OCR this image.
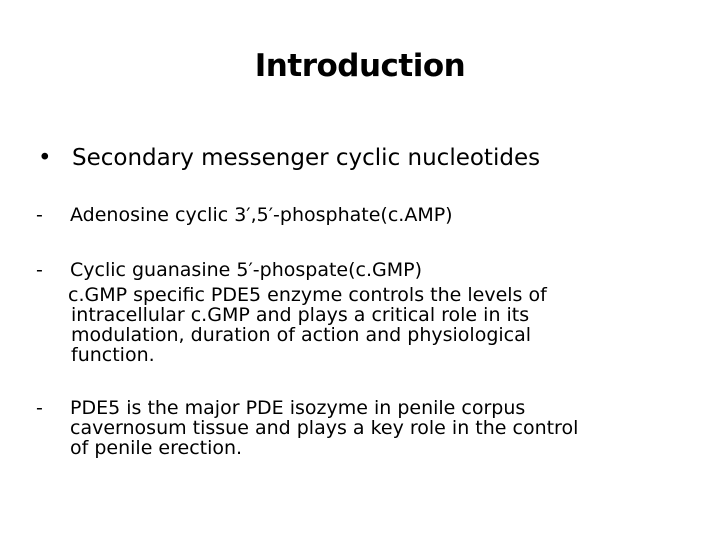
Introduction
• Secondary messenger cyclic nucleotides
- Adenosine cyclic 3′,5′-phosphate(c.AMP)
- Cyclic guanasine 5′-phospate(c.GMP)
c.GMP specific PDE5 enzyme controls the levels of
intracellular c.GMP and plays a critical role in its
modulation, duration of action and physiological
function.
- PDE5 is the major PDE isozyme in penile corpus
cavernosum tissue and plays a key role in the control
of penile erection.
